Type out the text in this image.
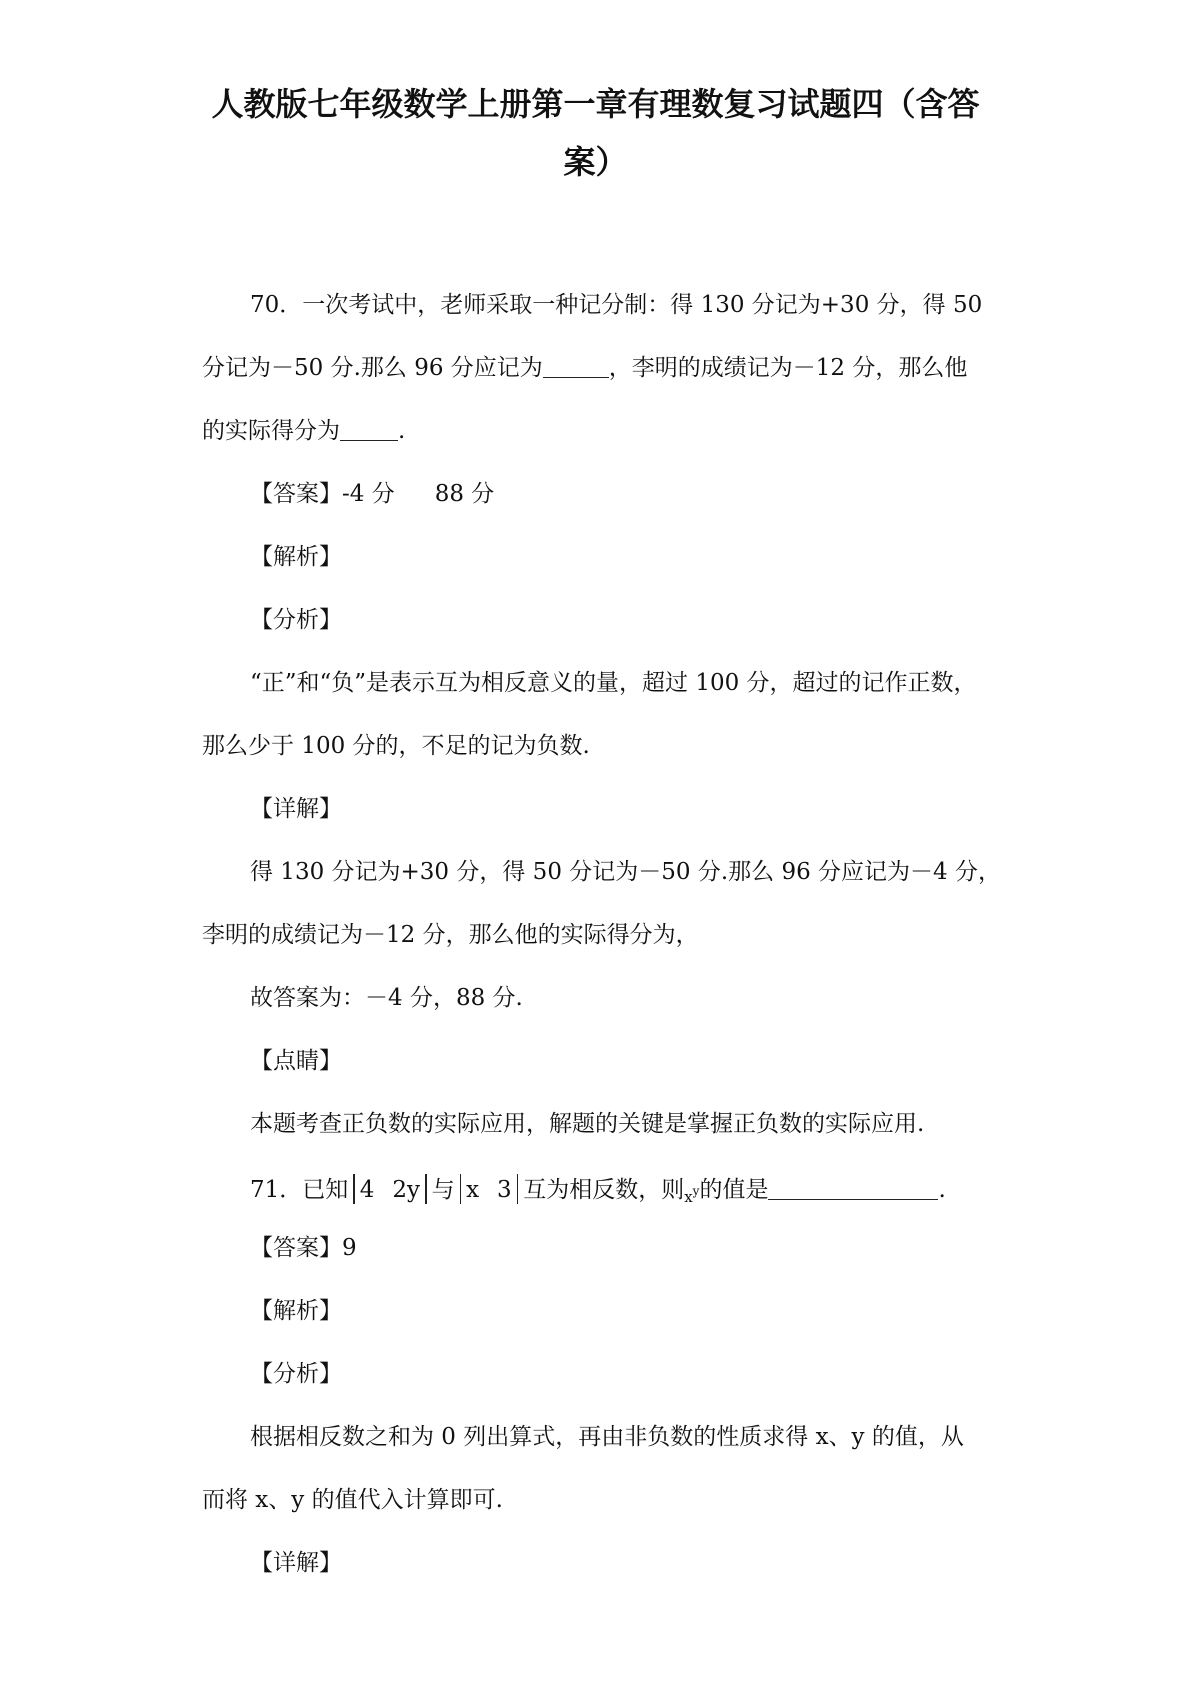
人教版七年级数学上册第一章有理数复习试题四（含答
案）
70．一次考试中，老师采取一种记分制：得 130 分记为+30 分，得 50
分记为－50 分.那么 96 分应记为	，李明的成绩记为－12 分，那么他
的实际得分为	.
【答案】-4 分 88 分
【解析】
【分析】
“正”和“负”是表示互为相反意义的量，超过 100 分，超过的记作正数，
那么少于 100 分的，不足的记为负数.
【详解】
得 130 分记为+30 分，得 50 分记为－50 分.那么 96 分应记为－4 分，
李明的成绩记为－12 分，那么他的实际得分为，
故答案为：－4 分，88 分.
【点睛】
本题考查正负数的实际应用，解题的关键是掌握正负数的实际应用.
71．已知 4 2y 与 x 3 互为相反数，则$_x$y的值是	.
【答案】9
【解析】
【分析】
根据相反数之和为 0 列出算式，再由非负数的性质求得 x、y 的值，从
而将 x、y 的值代入计算即可.
【详解】
